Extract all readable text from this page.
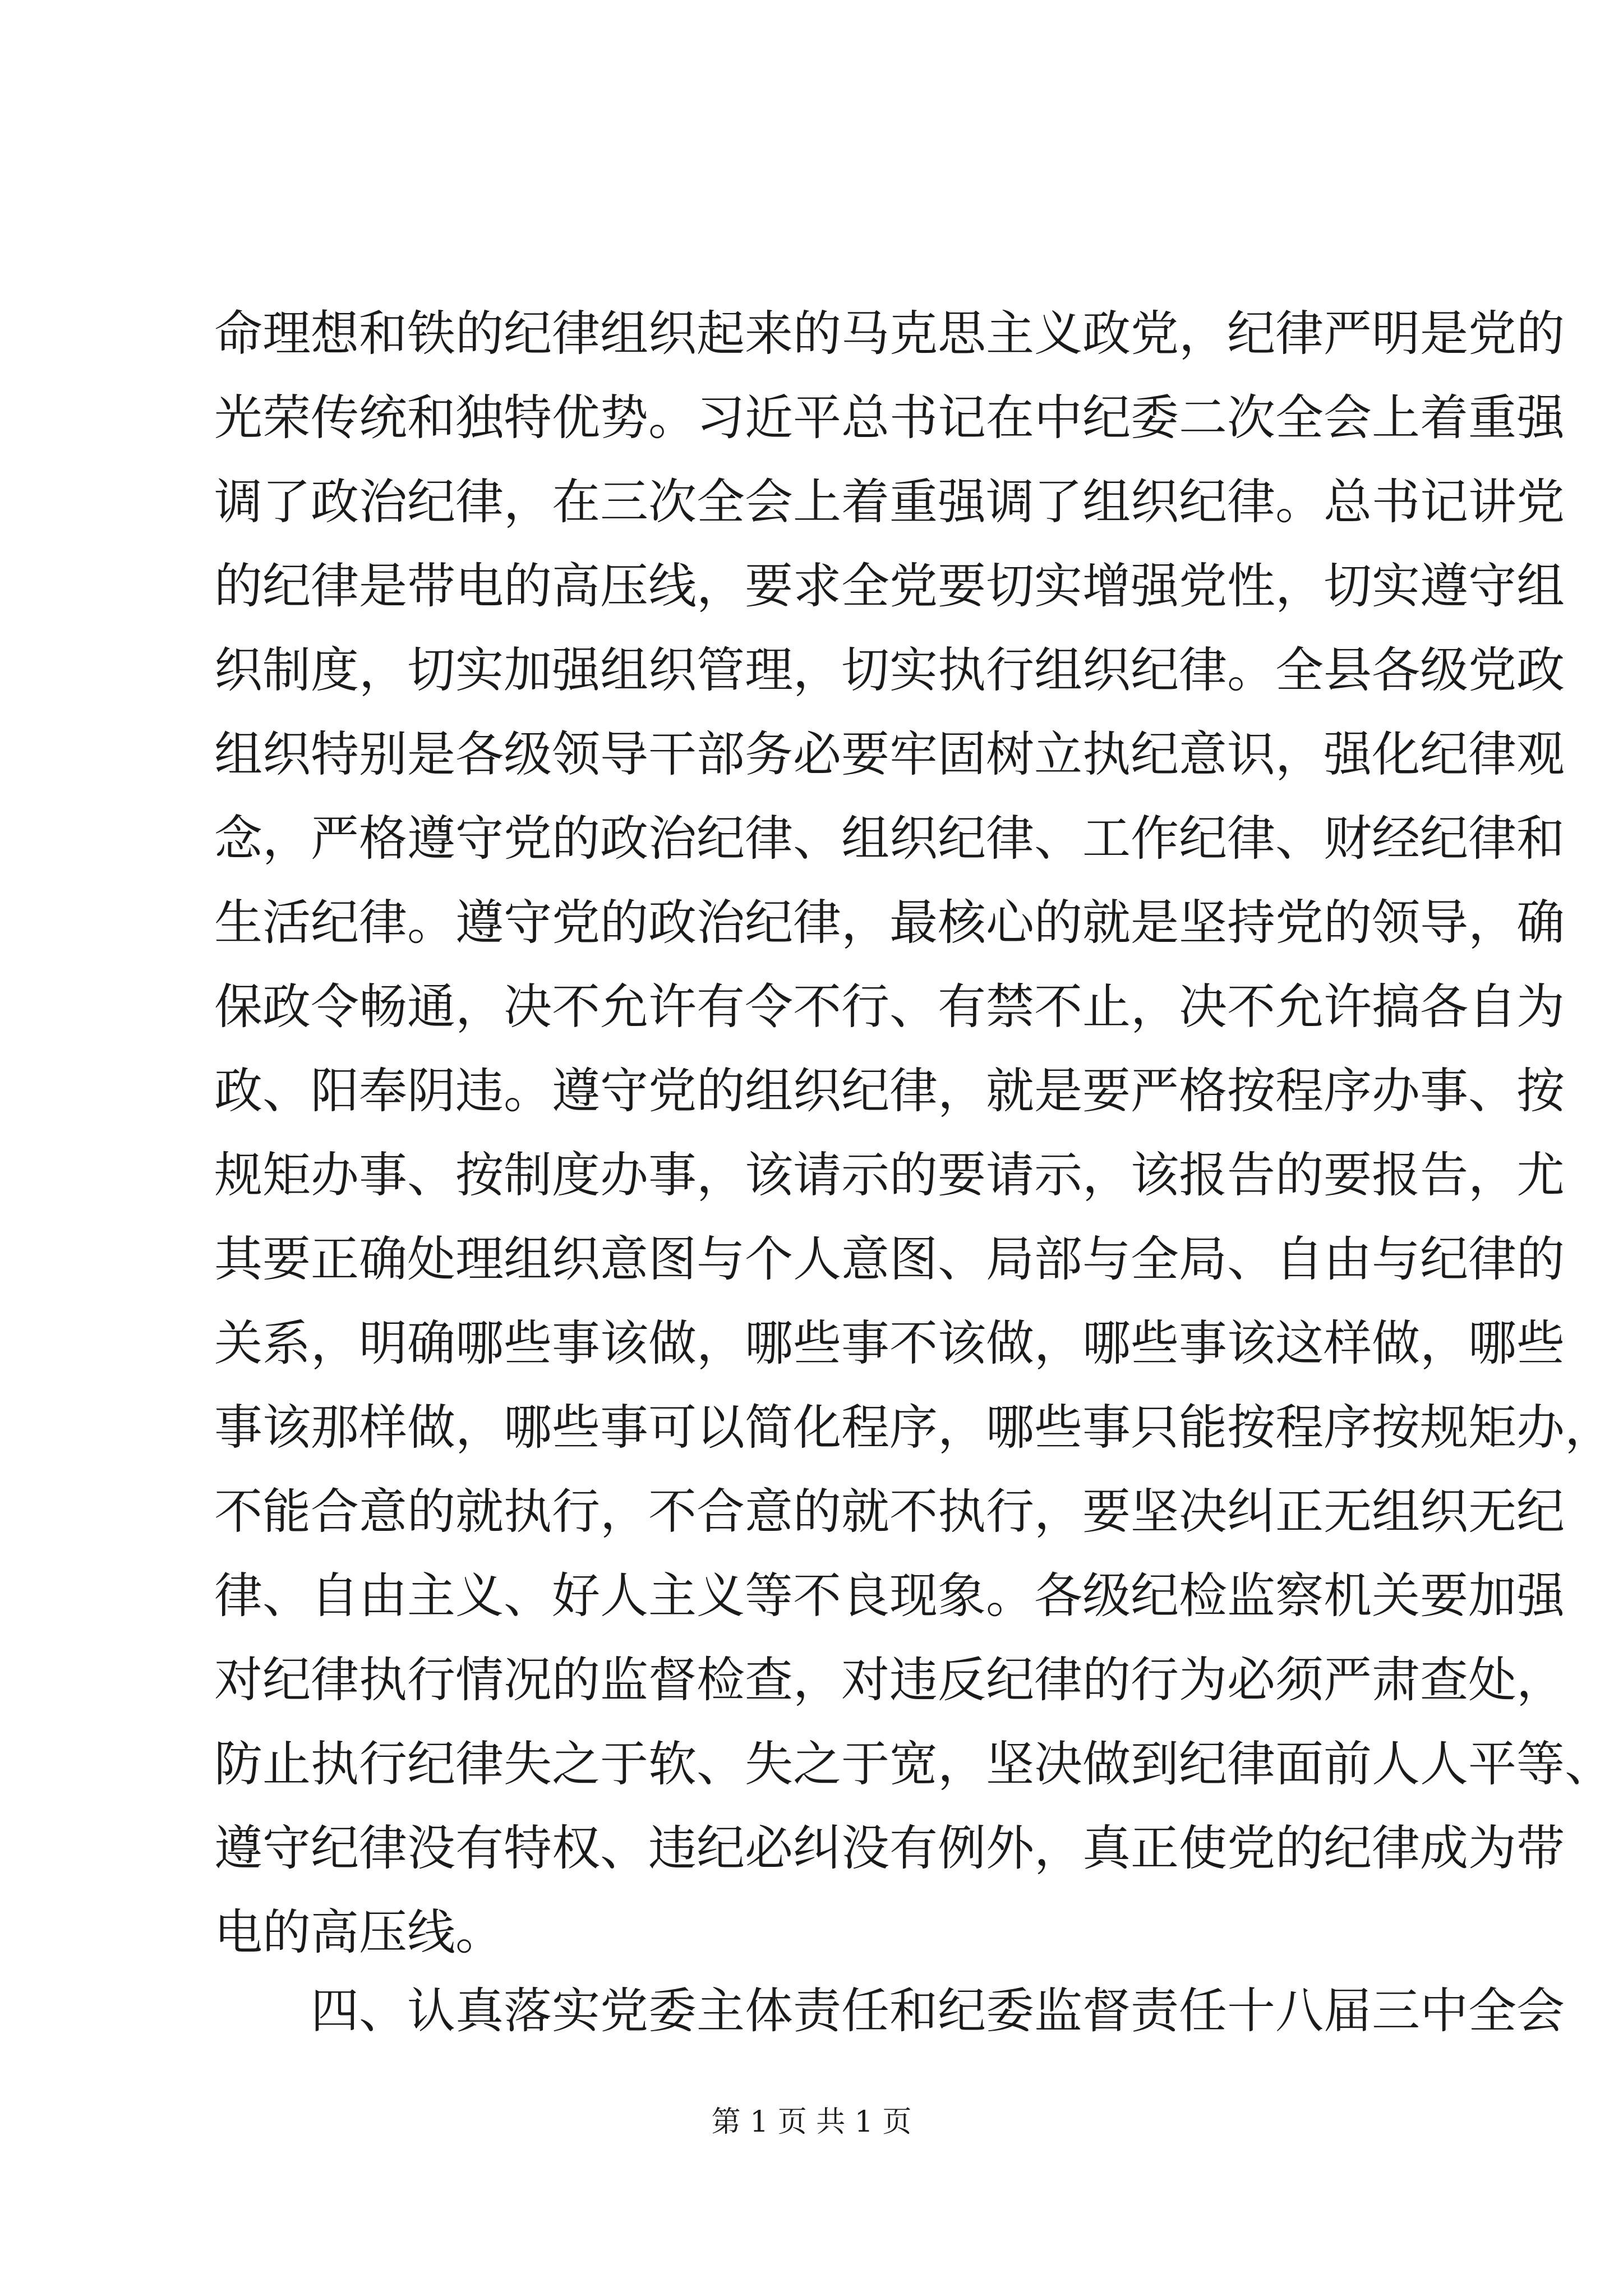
命理想和铁的纪律组织起来的马克思主义政党，纪律严明是党的
光荣传统和独特优势。习近平总书记在中纪委二次全会上着重强
调了政治纪律，在三次全会上着重强调了组织纪律。总书记讲党
的纪律是带电的高压线，要求全党要切实增强党性，切实遵守组
织制度，切实加强组织管理，切实执行组织纪律。全县各级党政
组织特别是各级领导干部务必要牢固树立执纪意识，强化纪律观
念，严格遵守党的政治纪律、组织纪律、工作纪律、财经纪律和
生活纪律。遵守党的政治纪律，最核心的就是坚持党的领导，确
保政令畅通，决不允许有令不行、有禁不止，决不允许搞各自为
政、阳奉阴违。遵守党的组织纪律，就是要严格按程序办事、按
规矩办事、按制度办事，该请示的要请示，该报告的要报告，尤
其要正确处理组织意图与个人意图、局部与全局、自由与纪律的
关系，明确哪些事该做，哪些事不该做，哪些事该这样做，哪些
事该那样做，哪些事可以简化程序，哪些事只能按程序按规矩办，
不能合意的就执行，不合意的就不执行，要坚决纠正无组织无纪
律、自由主义、好人主义等不良现象。各级纪检监察机关要加强
对纪律执行情况的监督检查，对违反纪律的行为必须严肃查处，
防止执行纪律失之于软、失之于宽，坚决做到纪律面前人人平等、
遵守纪律没有特权、违纪必纠没有例外，真正使党的纪律成为带
电的高压线。
四、认真落实党委主体责任和纪委监督责任十八届三中全会
第 1 页 共 1 页
